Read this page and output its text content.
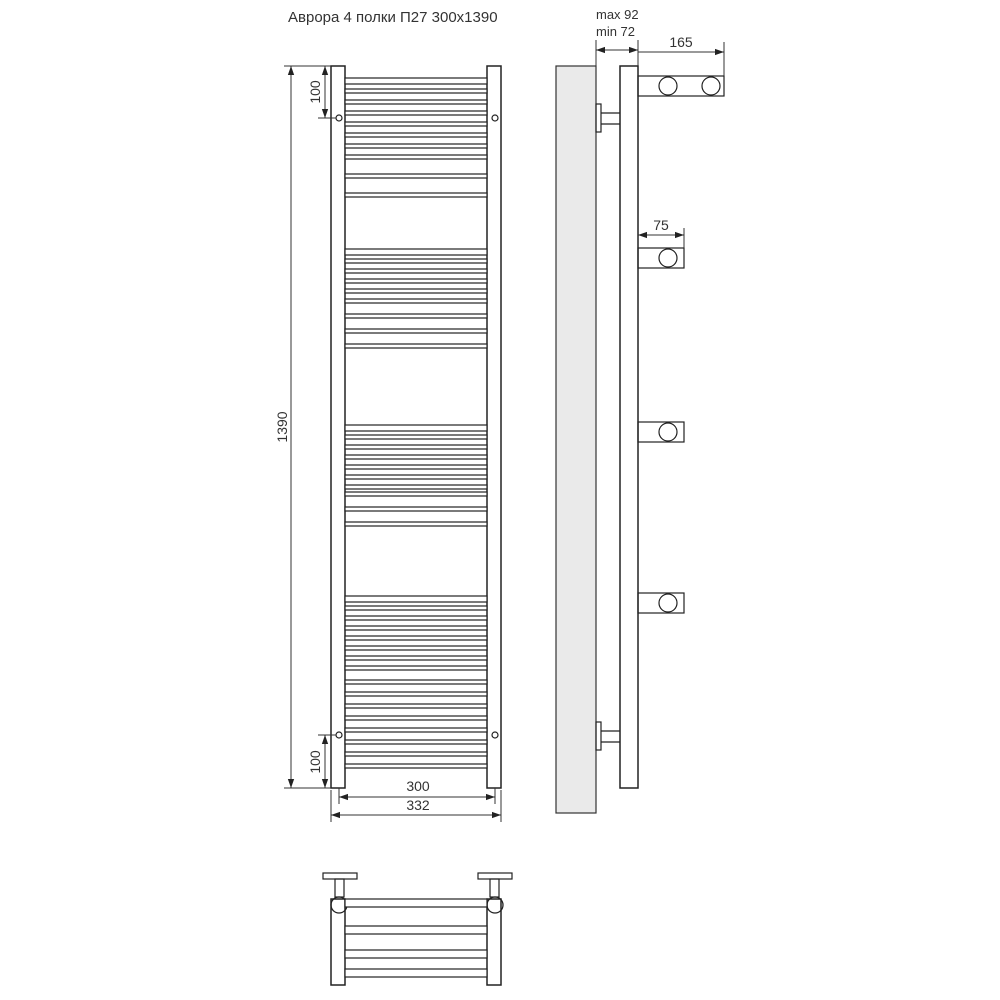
Аврора 4 полки П27 300х1390
1390
100
100
300
332
max 92
min 72
165
75
